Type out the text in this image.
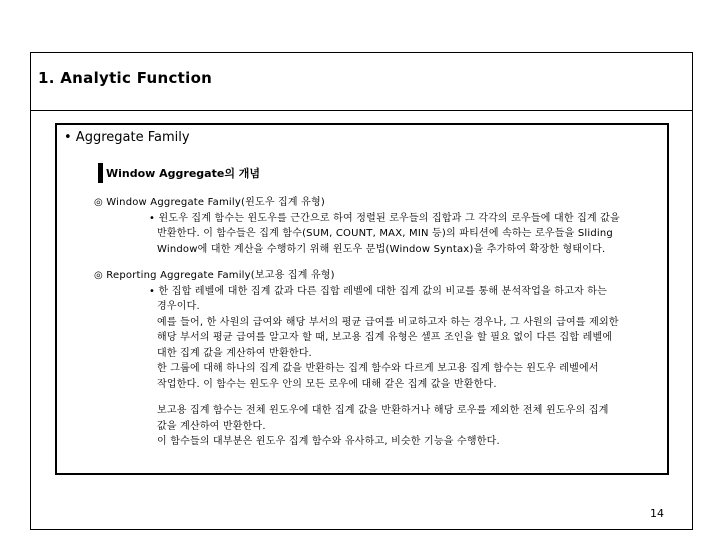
1. Analytic Function
• Aggregate Family
Window Aggregate의 개념
◎ Window Aggregate Family(윈도우 집계 유형)
• 윈도우 집계 함수는 윈도우를 근간으로 하여 정렬된 로우들의 집합과 그 각각의 로우들에 대한 집계 값을
반환한다. 이 함수들은 집계 함수(SUM, COUNT, MAX, MIN 등)의 파티션에 속하는 로우들을 Sliding
Window에 대한 계산을 수행하기 위해 윈도우 문법(Window Syntax)을 추가하여 확장한 형태이다.
◎ Reporting Aggregate Family(보고용 집계 유형)
• 한 집합 레벨에 대한 집계 값과 다른 집합 레벨에 대한 집계 값의 비교를 통해 분석작업을 하고자 하는
경우이다.
예를 들어, 한 사원의 급여와 해당 부서의 평균 급여를 비교하고자 하는 경우나, 그 사원의 급여를 제외한
해당 부서의 평균 급여를 알고자 할 때, 보고용 집계 유형은 셀프 조인을 할 필요 없이 다른 집합 레벨에
대한 집계 값을 계산하여 반환한다.
한 그룹에 대해 하나의 집계 값을 반환하는 집계 함수와 다르게 보고용 집계 함수는 윈도우 레벨에서
작업한다. 이 함수는 윈도우 안의 모든 로우에 대해 같은 집계 값을 반환한다.
보고용 집계 함수는 전체 윈도우에 대한 집계 값을 반환하거나 해당 로우를 제외한 전체 윈도우의 집계
값을 계산하여 반환한다.
이 함수들의 대부분은 윈도우 집계 함수와 유사하고, 비슷한 기능을 수행한다.
14
